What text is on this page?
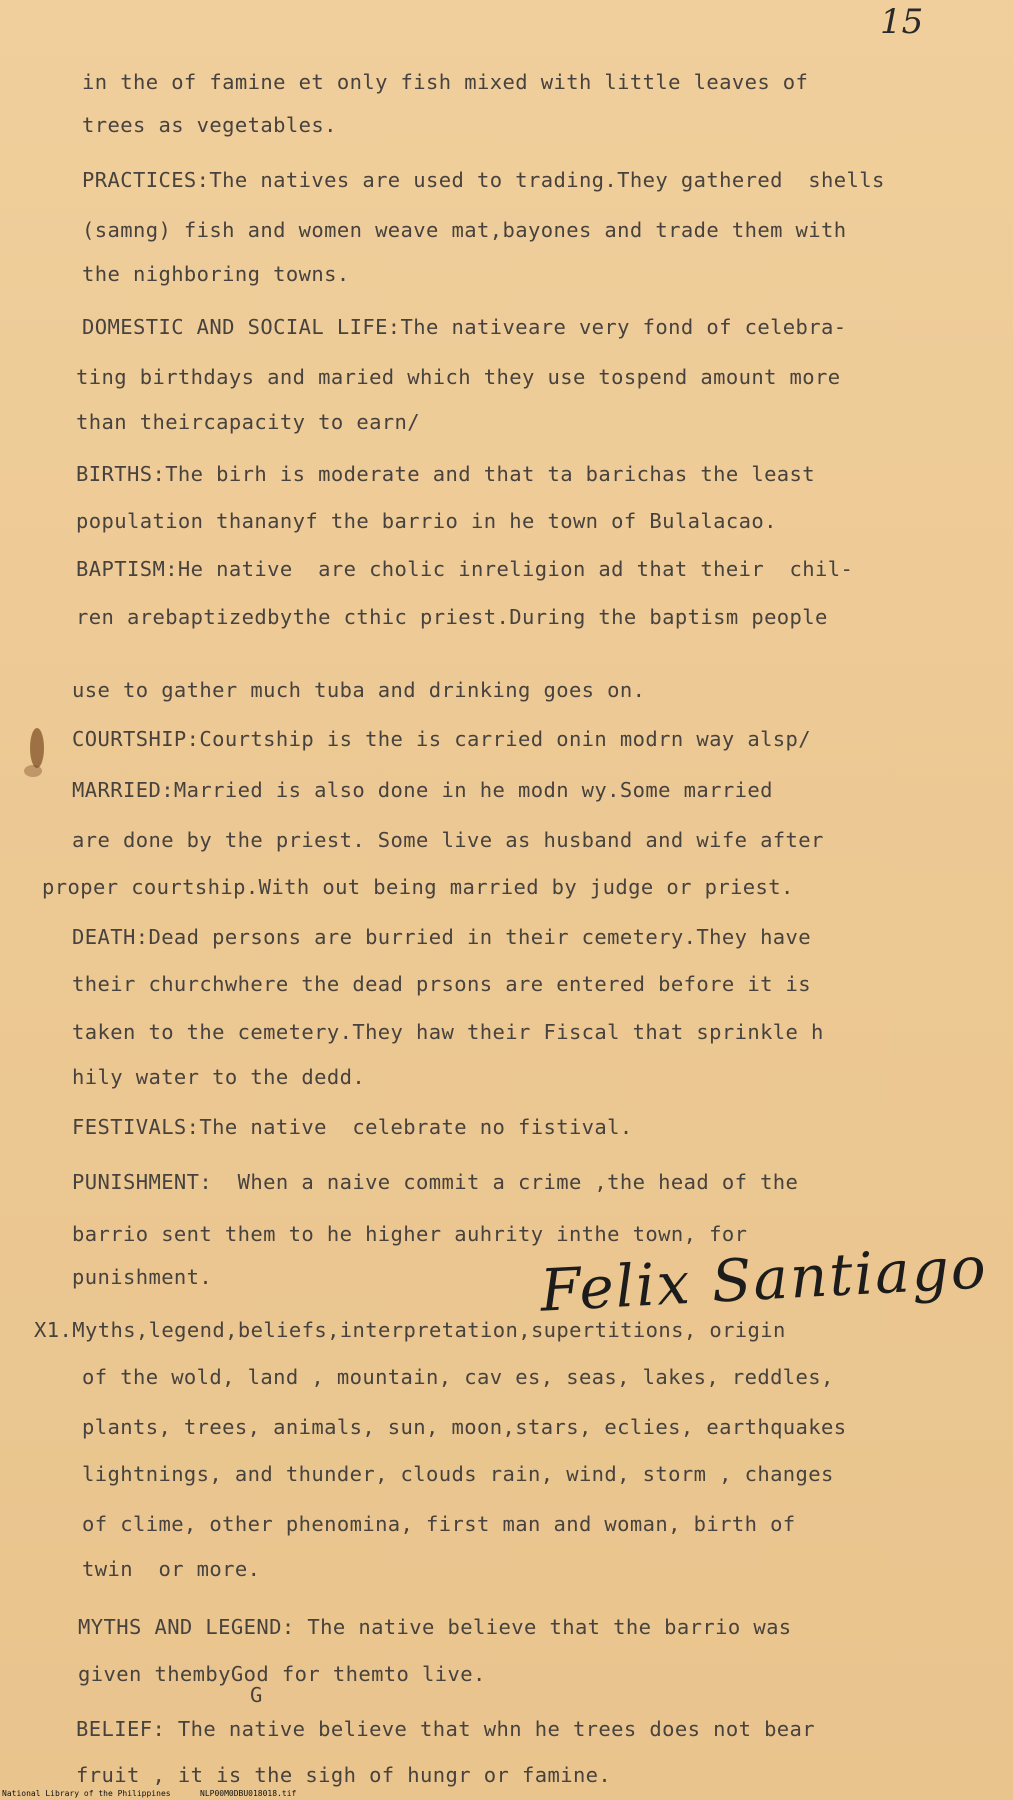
15
in the of famine et only fish mixed with little leaves of
trees as vegetables.
PRACTICES:The natives are used to trading.They gathered  shells
(samng) fish and women weave mat,bayones and trade them with
the nighboring towns.
DOMESTIC AND SOCIAL LIFE:The nativeare very fond of celebra-
ting birthdays and maried which they use tospend amount more
than theircapacity to earn/
BIRTHS:The birh is moderate and that ta barichas the least
population thananyf the barrio in he town of Bulalacao.
BAPTISM:He native  are cholic inreligion ad that their  chil-
ren arebaptizedbythe cthic priest.During the baptism people
use to gather much tuba and drinking goes on.
COURTSHIP:Courtship is the is carried onin modrn way alsp/
MARRIED:Married is also done in he modn wy.Some married
are done by the priest. Some live as husband and wife after
proper courtship.With out being married by judge or priest.
DEATH:Dead persons are burried in their cemetery.They have
their churchwhere the dead prsons are entered before it is
taken to the cemetery.They haw their Fiscal that sprinkle h
hily water to the dedd.
FESTIVALS:The native  celebrate no fistival.
PUNISHMENT:  When a naive commit a crime ,the head of the
barrio sent them to he higher auhrity inthe town, for
punishment.
X1.Myths,legend,beliefs,interpretation,supertitions, origin
of the wold, land , mountain, cav es, seas, lakes, reddles,
plants, trees, animals, sun, moon,stars, eclies, earthquakes
lightnings, and thunder, clouds rain, wind, storm , changes
of clime, other phenomina, first man and woman, birth of
twin  or more.
MYTHS AND LEGEND: The native believe that the barrio was
given thembyGod for themto live.
G
BELIEF: The native believe that whn he trees does not bear
fruit , it is the sigh of hungr or famine.
Felix Santiago
National Library of the Philippines	NLP00M0DBU018018.tif
